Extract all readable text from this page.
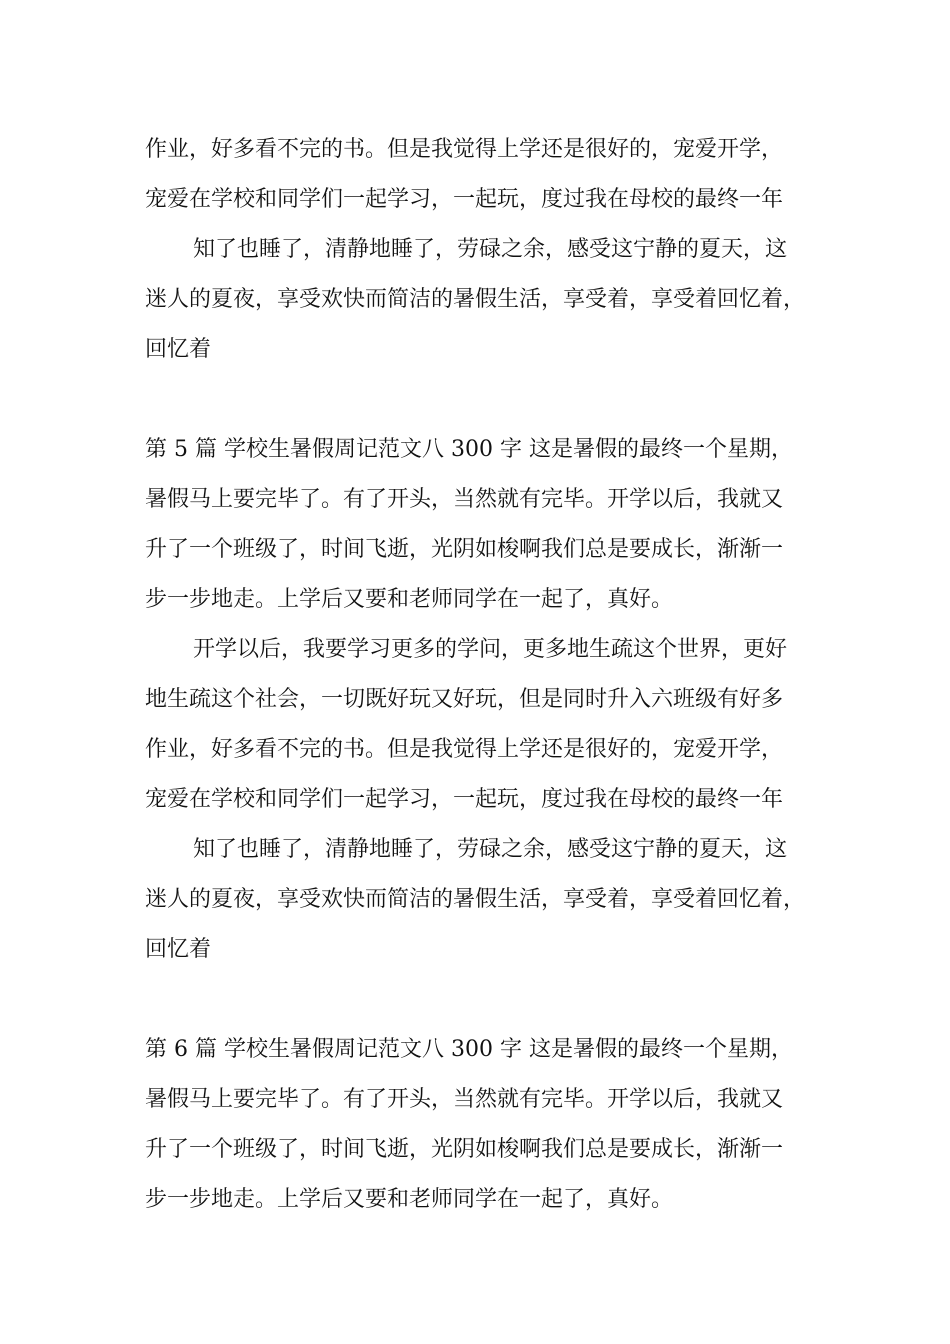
作业，好多看不完的书。但是我觉得上学还是很好的，宠爱开学，

宠爱在学校和同学们一起学习，一起玩，度过我在母校的最终一年

知了也睡了，清静地睡了，劳碌之余，感受这宁静的夏天，这

迷人的夏夜，享受欢快而简洁的暑假生活，享受着，享受着回忆着，

回忆着

第 5 篇 学校生暑假周记范文八 300 字 这是暑假的最终一个星期，

暑假马上要完毕了。有了开头，当然就有完毕。开学以后，我就又

升了一个班级了，时间飞逝，光阴如梭啊我们总是要成长，渐渐一

步一步地走。上学后又要和老师同学在一起了，真好。

开学以后，我要学习更多的学问，更多地生疏这个世界，更好

地生疏这个社会，一切既好玩又好玩，但是同时升入六班级有好多

作业，好多看不完的书。但是我觉得上学还是很好的，宠爱开学，

宠爱在学校和同学们一起学习，一起玩，度过我在母校的最终一年

知了也睡了，清静地睡了，劳碌之余，感受这宁静的夏天，这

迷人的夏夜，享受欢快而简洁的暑假生活，享受着，享受着回忆着，

回忆着

第 6 篇 学校生暑假周记范文八 300 字 这是暑假的最终一个星期，

暑假马上要完毕了。有了开头，当然就有完毕。开学以后，我就又

升了一个班级了，时间飞逝，光阴如梭啊我们总是要成长，渐渐一

步一步地走。上学后又要和老师同学在一起了，真好。
